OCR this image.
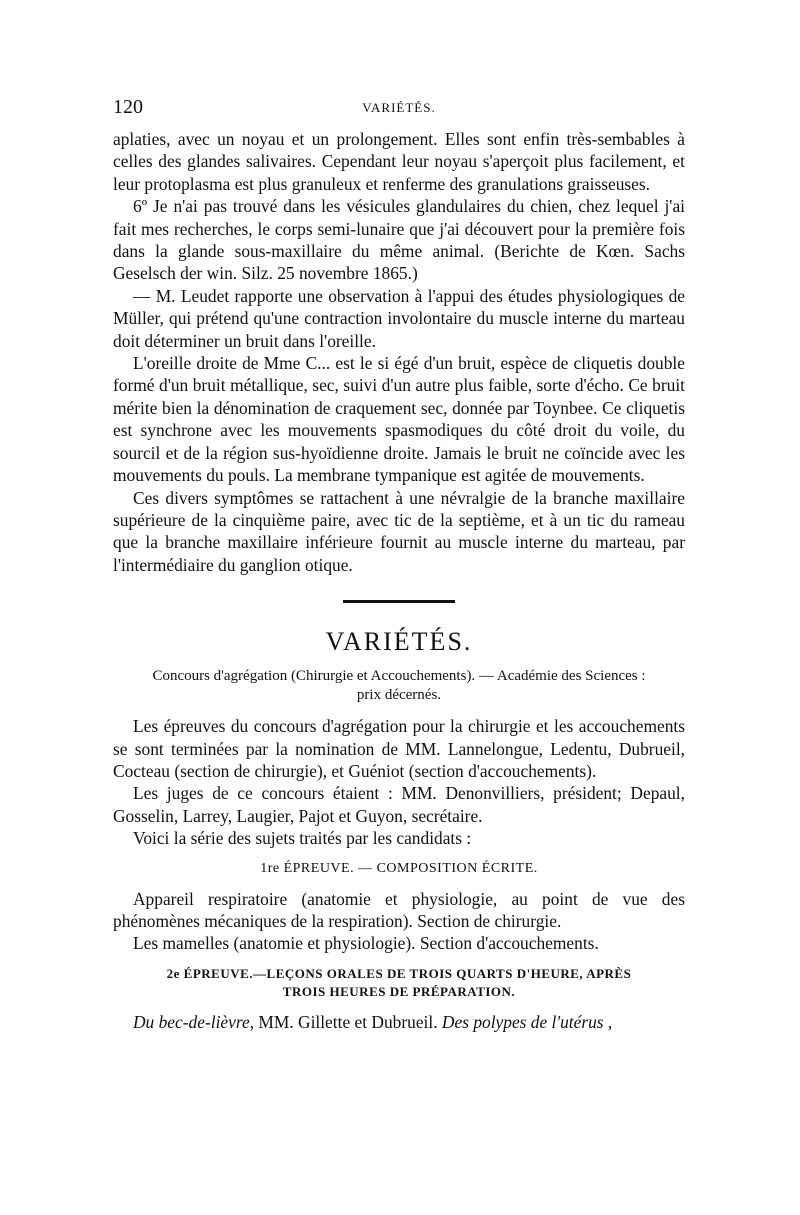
120	VARIÉTÉS.

aplaties, avec un noyau et un prolongement. Elles sont enfin très-sembables à celles des glandes salivaires. Cependant leur noyau s'aperçoit plus facilement, et leur protoplasma est plus granuleux et renferme des granulations graisseuses.

6º Je n'ai pas trouvé dans les vésicules glandulaires du chien, chez lequel j'ai fait mes recherches, le corps semi-lunaire que j'ai découvert pour la première fois dans la glande sous-maxillaire du même animal. (Berichte de Kœn. Sachs Geselsch der win. Silz. 25 novembre 1865.)

— M. Leudet rapporte une observation à l'appui des études physiologiques de Müller, qui prétend qu'une contraction involontaire du muscle interne du marteau doit déterminer un bruit dans l'oreille.

L'oreille droite de Mme C... est le si égé d'un bruit, espèce de cliquetis double formé d'un bruit métallique, sec, suivi d'un autre plus faible, sorte d'écho. Ce bruit mérite bien la dénomination de craquement sec, donnée par Toynbee. Ce cliquetis est synchrone avec les mouvements spasmodiques du côté droit du voile, du sourcil et de la région sus-hyoïdienne droite. Jamais le bruit ne coïncide avec les mouvements du pouls. La membrane tympanique est agitée de mouvements.

Ces divers symptômes se rattachent à une névralgie de la branche maxillaire supérieure de la cinquième paire, avec tic de la septième, et à un tic du rameau que la branche maxillaire inférieure fournit au muscle interne du marteau, par l'intermédiaire du ganglion otique.

VARIÉTÉS.
Concours d'agrégation (Chirurgie et Accouchements). — Académie des Sciences :
prix décernés.

Les épreuves du concours d'agrégation pour la chirurgie et les accouchements se sont terminées par la nomination de MM. Lannelongue, Ledentu, Dubrueil, Cocteau (section de chirurgie), et Guéniot (section d'accouchements).

Les juges de ce concours étaient : MM. Denonvilliers, président; Depaul, Gosselin, Larrey, Laugier, Pajot et Guyon, secrétaire.

Voici la série des sujets traités par les candidats :

1re ÉPREUVE. — COMPOSITION ÉCRITE.

Appareil respiratoire (anatomie et physiologie, au point de vue des phénomènes mécaniques de la respiration). Section de chirurgie.

Les mamelles (anatomie et physiologie). Section d'accouchements.

2e ÉPREUVE.—LEÇONS ORALES DE TROIS QUARTS D'HEURE, APRÈS
TROIS HEURES DE PRÉPARATION.

Du bec-de-lièvre, MM. Gillette et Dubrueil. Des polypes de l'utérus ,
